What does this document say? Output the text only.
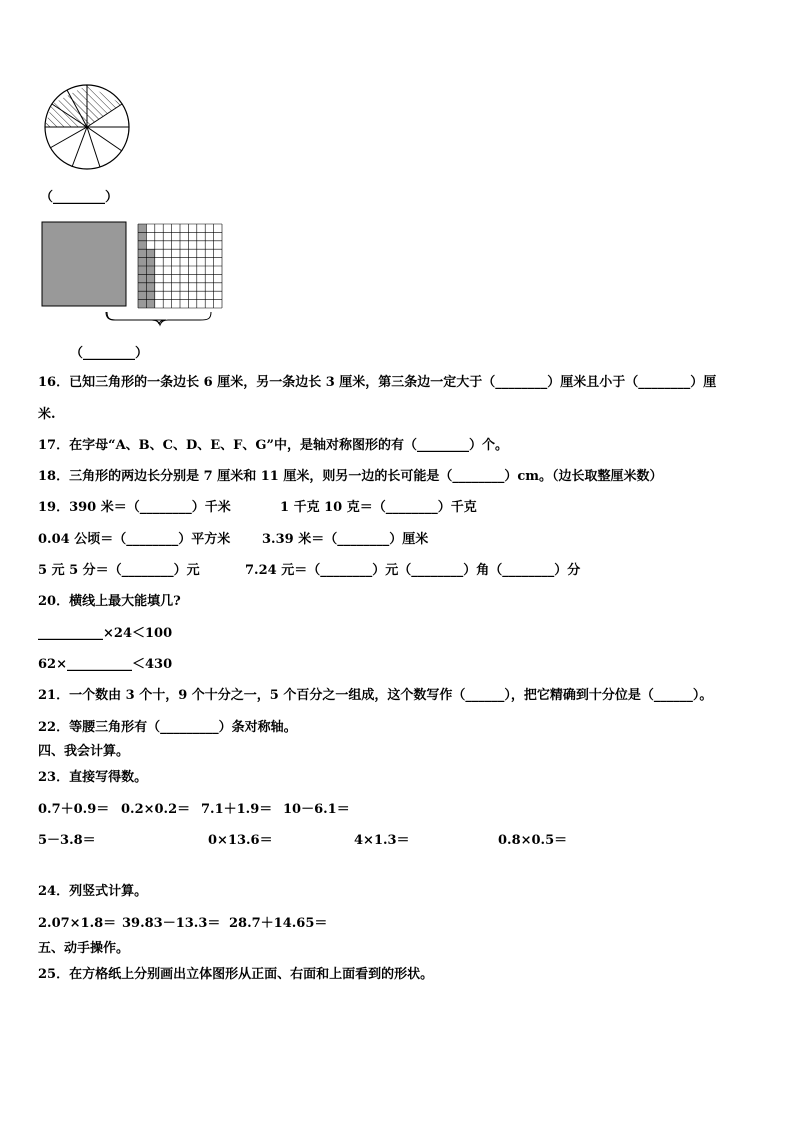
（________）
（________）
16．已知三角形的一条边长 6 厘米，另一条边长 3 厘米，第三条边一定大于（________）厘米且小于（________）厘
米.
17．在字母“A、B、C、D、E、F、G”中，是轴对称图形的有（________）个。
18．三角形的两边长分别是 7 厘米和 11 厘米，则另一边的长可能是（________）cm。（边长取整厘米数）
19．390 米＝（________）千米	1 千克 10 克＝（________）千克
0.04 公顷＝（________）平方米 3.39 米＝（________）厘米
5 元 5 分＝（________）元	7.24 元＝（________）元（________）角（________）分
20．横线上最大能填几?
__________×24＜100
62×__________＜430
21．一个数由 3 个十，9 个十分之一，5 个百分之一组成，这个数写作（______），把它精确到十分位是（______）。
22．等腰三角形有（_________）条对称轴。
四、我会计算。
23．直接写得数。
0.7＋0.9＝ 0.2×0.2＝ 7.1＋1.9＝ 10－6.1＝
5－3.8＝	0×13.6＝	4×1.3＝	0.8×0.5＝
24．列竖式计算。
2.07×1.8＝ 39.83－13.3＝ 28.7＋14.65＝
五、动手操作。
25．在方格纸上分别画出立体图形从正面、右面和上面看到的形状。
